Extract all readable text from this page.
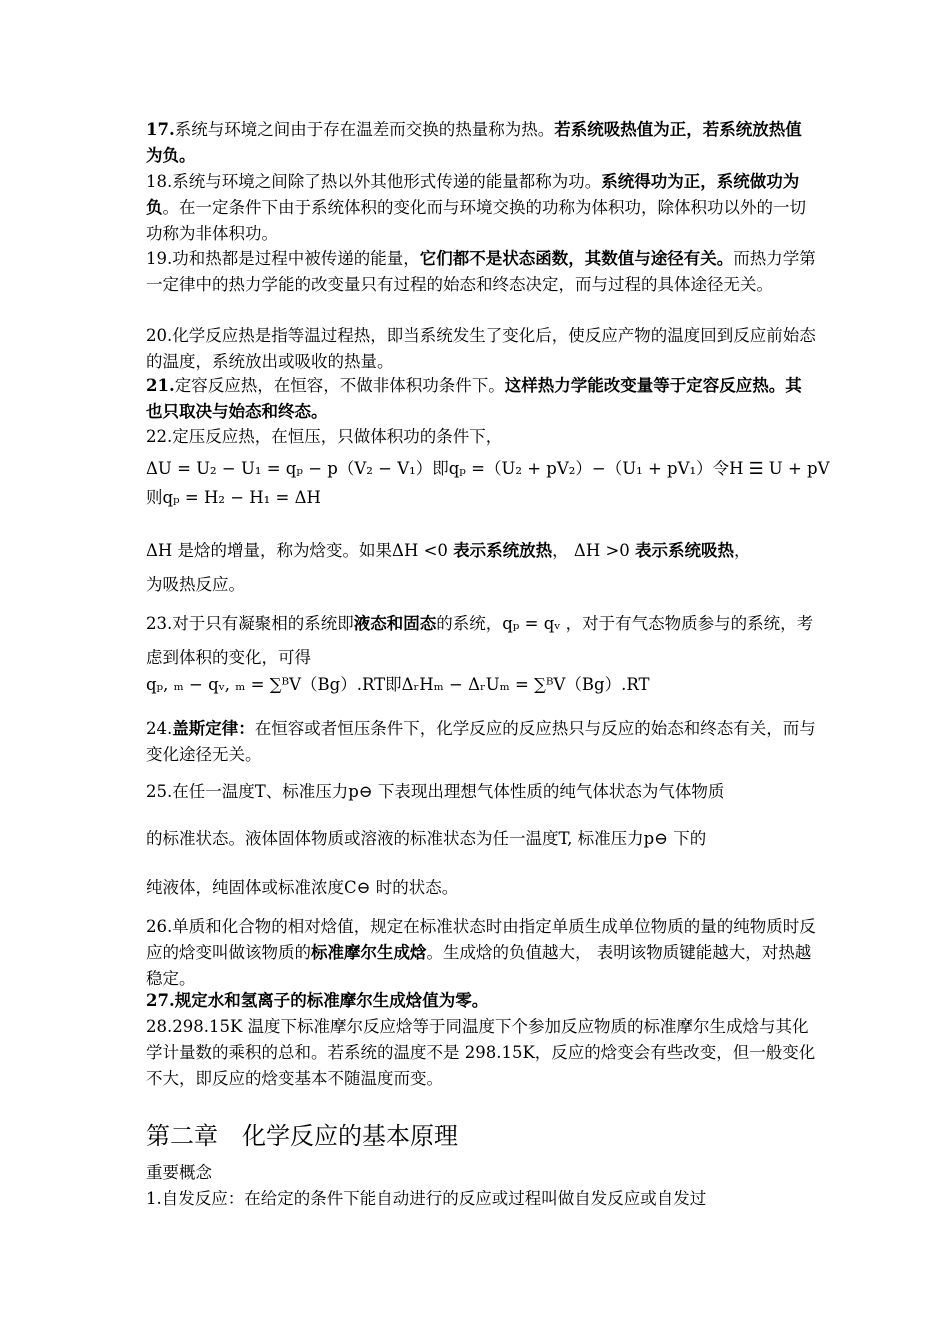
17.系统与环境之间由于存在温差而交换的热量称为热。若系统吸热值为正，若系统放热值为负。

18.系统与环境之间除了热以外其他形式传递的能量都称为功。系统得功为正，系统做功为负。在一定条件下由于系统体积的变化而与环境交换的功称为体积功，除体积功以外的一切功称为非体积功。

19.功和热都是过程中被传递的能量，它们都不是状态函数，其数值与途径有关。而热力学第一定律中的热力学能的改变量只有过程的始态和终态决定，而与过程的具体途径无关。

20.化学反应热是指等温过程热，即当系统发生了变化后，使反应产物的温度回到反应前始态的温度，系统放出或吸收的热量。

21.定容反应热，在恒容，不做非体积功条件下。这样热力学能改变量等于定容反应热。其也只取决与始态和终态。

22.定压反应热，在恒压，只做体积功的条件下，

ΔU = U₂ − U₁ = qₚ − p（V₂ − V₁）即qₚ =（U₂ + pV₂）−（U₁ + pV₁）令H ☰ U + pV

则qₚ = H₂ − H₁ = ΔH

ΔH 是焓的增量，称为焓变。如果ΔH <0 表示系统放热， ΔH >0 表示系统吸热，

为吸热反应。

23.对于只有凝聚相的系统即液态和固态的系统，qₚ = qᵥ ，对于有气态物质参与的系统，考虑到体积的变化，可得

qₚ, ₘ − qᵥ, ₘ = ∑ᴮV（Bg）.RT即ΔᵣHₘ − ΔᵣUₘ = ∑ᴮV（Bg）.RT

24.盖斯定律：在恒容或者恒压条件下，化学反应的反应热只与反应的始态和终态有关，而与变化途径无关。

25.在任一温度T、标准压力p⊖ 下表现出理想气体性质的纯气体状态为气体物质

的标准状态。液体固体物质或溶液的标准状态为任一温度T, 标准压力p⊖ 下的

纯液体，纯固体或标准浓度C⊖ 时的状态。

26.单质和化合物的相对焓值，规定在标准状态时由指定单质生成单位物质的量的纯物质时反应的焓变叫做该物质的标准摩尔生成焓。生成焓的负值越大， 表明该物质键能越大，对热越稳定。

27.规定水和氢离子的标准摩尔生成焓值为零。

28.298.15K 温度下标准摩尔反应焓等于同温度下个参加反应物质的标准摩尔生成焓与其化学计量数的乘积的总和。若系统的温度不是 298.15K，反应的焓变会有些改变，但一般变化不大，即反应的焓变基本不随温度而变。

第二章　化学反应的基本原理

重要概念

1.自发反应：在给定的条件下能自动进行的反应或过程叫做自发反应或自发过
